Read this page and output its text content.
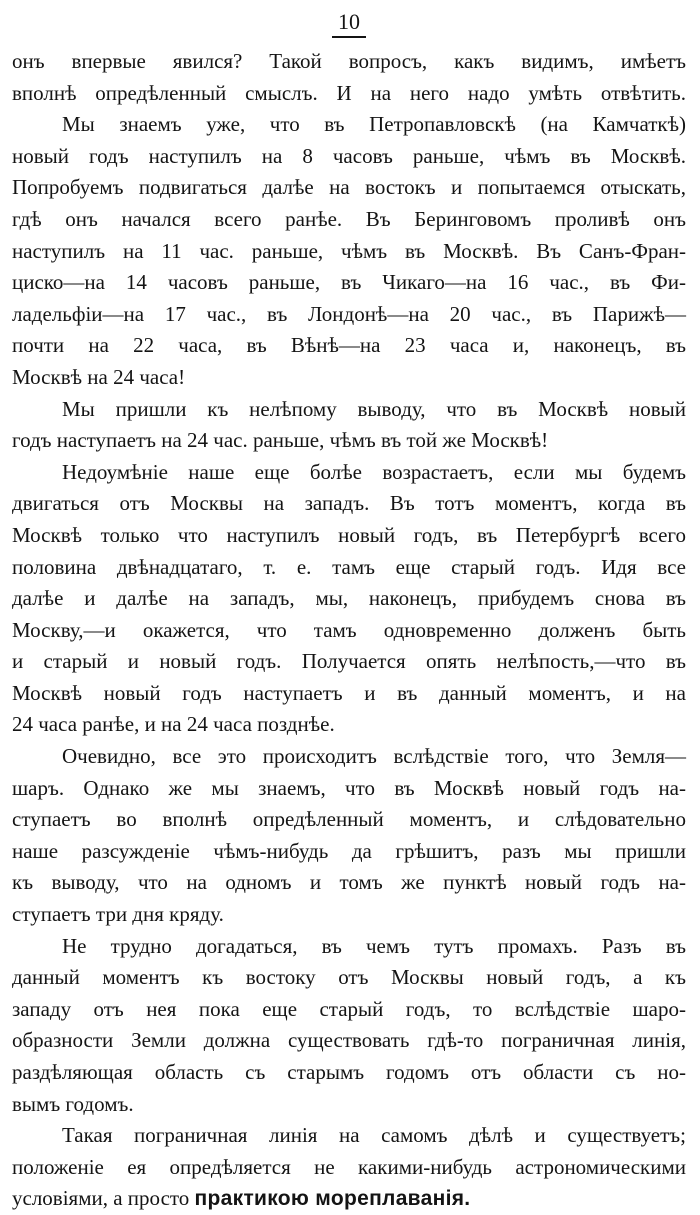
10
онъ впервые явился? Такой вопросъ, какъ видимъ, имѣетъ
вполнѣ опредѣленный смыслъ. И на него надо умѣть отвѣтить.
Мы знаемъ уже, что въ Петропавловскѣ (на Камчаткѣ)
новый годъ наступилъ на 8 часовъ раньше, чѣмъ въ Москвѣ.
Попробуемъ подвигаться далѣе на востокъ и попытаемся отыскать,
гдѣ онъ начался всего ранѣе. Въ Беринговомъ проливѣ онъ
наступилъ на 11 час. раньше, чѣмъ въ Москвѣ. Въ Санъ-Фран-
циско—на 14 часовъ раньше, въ Чикаго—на 16 час., въ Фи-
ладельфіи—на 17 час., въ Лондонѣ—на 20 час., въ Парижѣ—
почти на 22 часа, въ Вѣнѣ—на 23 часа и, наконецъ, въ
Москвѣ на 24 часа!
Мы пришли къ нелѣпому выводу, что въ Москвѣ новый
годъ наступаетъ на 24 час. раньше, чѣмъ въ той же Москвѣ!
Недоумѣніе наше еще болѣе возрастаетъ, если мы будемъ
двигаться отъ Москвы на западъ. Въ тотъ моментъ, когда въ
Москвѣ только что наступилъ новый годъ, въ Петербургѣ всего
половина двѣнадцатаго, т. е. тамъ еще старый годъ. Идя все
далѣе и далѣе на западъ, мы, наконецъ, прибудемъ снова въ
Москву,—и окажется, что тамъ одновременно долженъ быть
и старый и новый годъ. Получается опять нелѣпость,—что въ
Москвѣ новый годъ наступаетъ и въ данный моментъ, и на
24 часа ранѣе, и на 24 часа позднѣе.
Очевидно, все это происходитъ вслѣдствіе того, что Земля—
шаръ. Однако же мы знаемъ, что въ Москвѣ новый годъ на-
ступаетъ во вполнѣ опредѣленный моментъ, и слѣдовательно
наше разсужденіе чѣмъ-нибудь да грѣшитъ, разъ мы пришли
къ выводу, что на одномъ и томъ же пунктѣ новый годъ на-
ступаетъ три дня кряду.
Не трудно догадаться, въ чемъ тутъ промахъ. Разъ въ
данный моментъ къ востоку отъ Москвы новый годъ, а къ
западу отъ нея пока еще старый годъ, то вслѣдствіе шаро-
образности Земли должна существовать гдѣ-то пограничная линія,
раздѣляющая область съ старымъ годомъ отъ области съ но-
вымъ годомъ.
Такая пограничная линія на самомъ дѣлѣ и существуетъ;
положеніе ея опредѣляется не какими-нибудь астрономическими
условіями, а просто практикою мореплаванія.
